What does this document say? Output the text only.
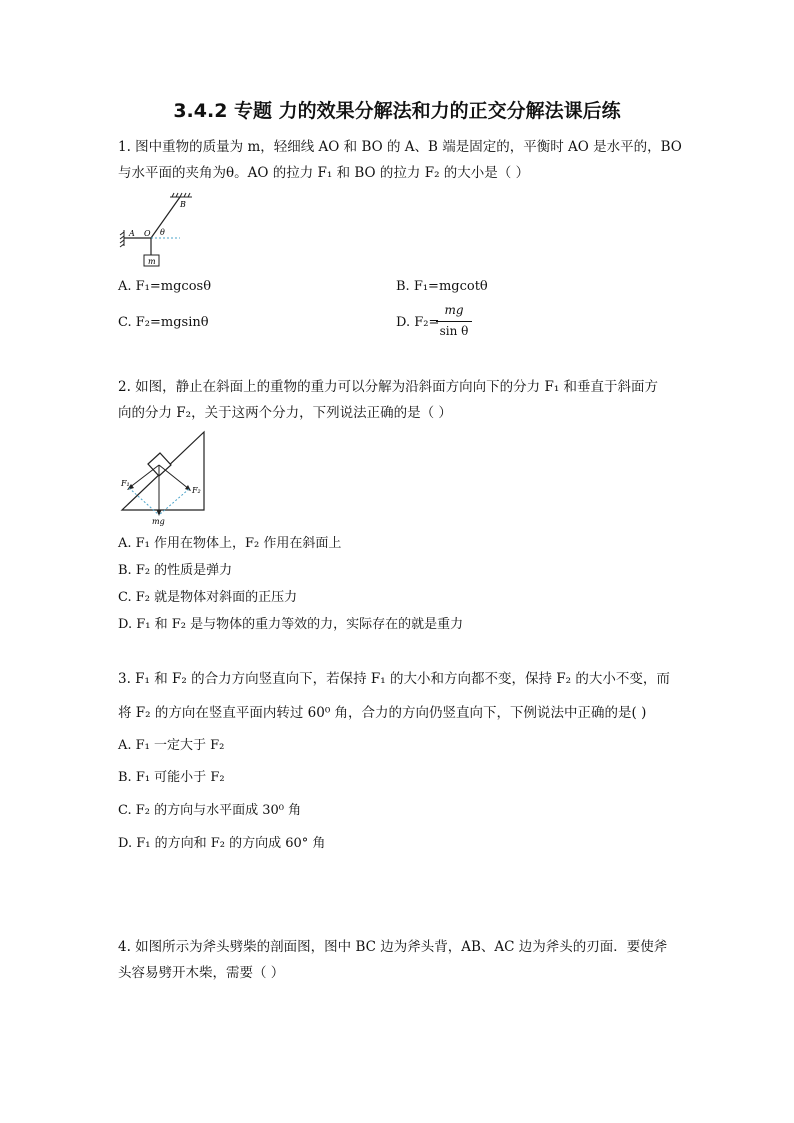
3.4.2 专题 力的效果分解法和力的正交分解法课后练
1. 图中重物的质量为 m，轻细线 AO 和 BO 的 A、B 端是固定的，平衡时 AO 是水平的，BO
与水平面的夹角为θ。AO 的拉力 F₁ 和 BO 的拉力 F₂ 的大小是（ ）
m
B
A O θ
A. F₁=mgcosθ	B. F₁=mgcotθ
C. F₂=mgsinθ	D. F₂=
mg
sin θ
2. 如图，静止在斜面上的重物的重力可以分解为沿斜面方向向下的分力 F₁ 和垂直于斜面方
向的分力 F₂，关于这两个分力，下列说法正确的是（ ）
F₁
F₂
mg
A. F₁ 作用在物体上，F₂ 作用在斜面上
B. F₂ 的性质是弹力
C. F₂ 就是物体对斜面的正压力
D. F₁ 和 F₂ 是与物体的重力等效的力，实际存在的就是重力
3. F₁ 和 F₂ 的合力方向竖直向下，若保持 F₁ 的大小和方向都不变，保持 F₂ 的大小不变，而
将 F₂ 的方向在竖直平面内转过 60⁰ 角，合力的方向仍竖直向下，下例说法中正确的是( )
A. F₁ 一定大于 F₂
B. F₁ 可能小于 F₂
C. F₂ 的方向与水平面成 30⁰ 角
D. F₁ 的方向和 F₂ 的方向成 60° 角
4. 如图所示为斧头劈柴的剖面图，图中 BC 边为斧头背，AB、AC 边为斧头的刃面．要使斧
头容易劈开木柴，需要（ ）
